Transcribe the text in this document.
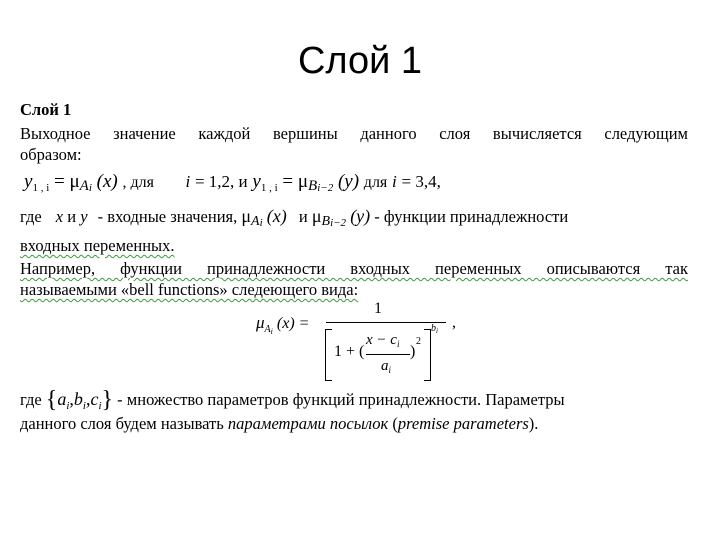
Слой 1
Слой 1
Выходное значение каждой вершины данного слоя вычисляется следующим
образом:
$y_{1 , i} = \mu A_i$ (x) , для i = 1,2, и $y_{1 , i} = \mu B_{i-2}$ (y) для i = 3,4,
где x и y - входные значения, $\mu A_i$ (x) и $\mu B_{i-2}$ (y) - функции принадлежности
входных переменных.
Например, функции принадлежности входных переменных описываются так
называемыми «bell functions» следеющего вида:
$\mu_{Ai}$ (x) =
1
1 + (
$x - c_i$
$a_i$
)
2
$b_i$ ,
где $\{a_i,b_i,c_i\}$ - множество параметров функций принадлежности. Параметры
данного слоя будем называть параметрами посылок (premise parameters).
